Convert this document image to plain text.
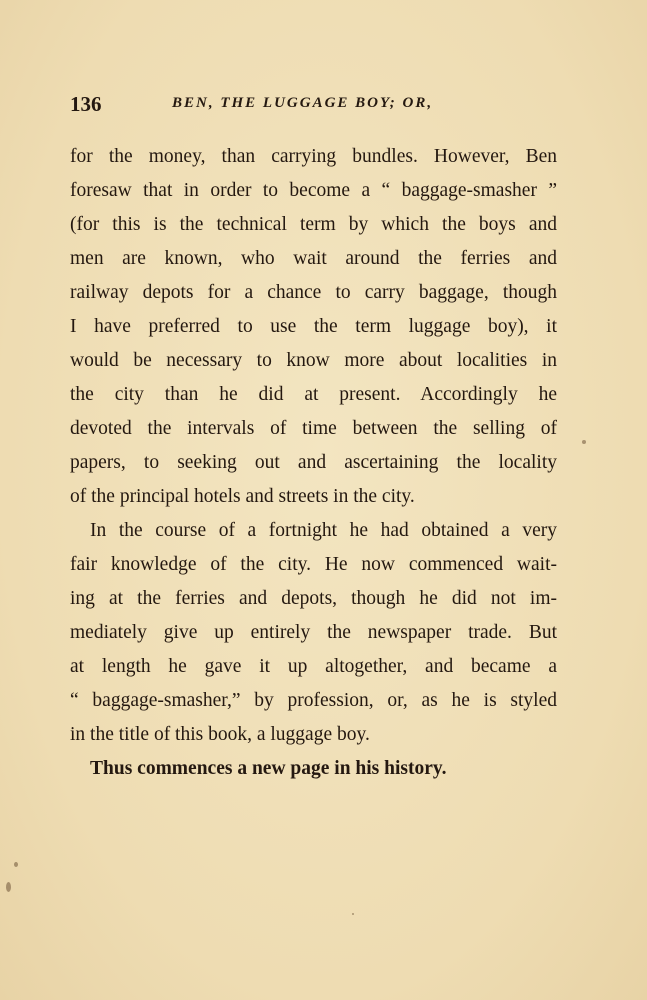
136	BEN, THE LUGGAGE BOY; OR,
for the money, than carrying bundles. However, Ben
foresaw that in order to become a “ baggage-smasher ”
(for this is the technical term by which the boys and
men are known, who wait around the ferries and
railway depots for a chance to carry baggage, though
I have preferred to use the term luggage boy), it
would be necessary to know more about localities in
the city than he did at present. Accordingly he
devoted the intervals of time between the selling of
papers, to seeking out and ascertaining the locality
of the principal hotels and streets in the city.
In the course of a fortnight he had obtained a very
fair knowledge of the city. He now commenced wait-
ing at the ferries and depots, though he did not im-
mediately give up entirely the newspaper trade. But
at length he gave it up altogether, and became a
“ baggage-smasher,” by profession, or, as he is styled
in the title of this book, a luggage boy.
Thus commences a new page in his history.
